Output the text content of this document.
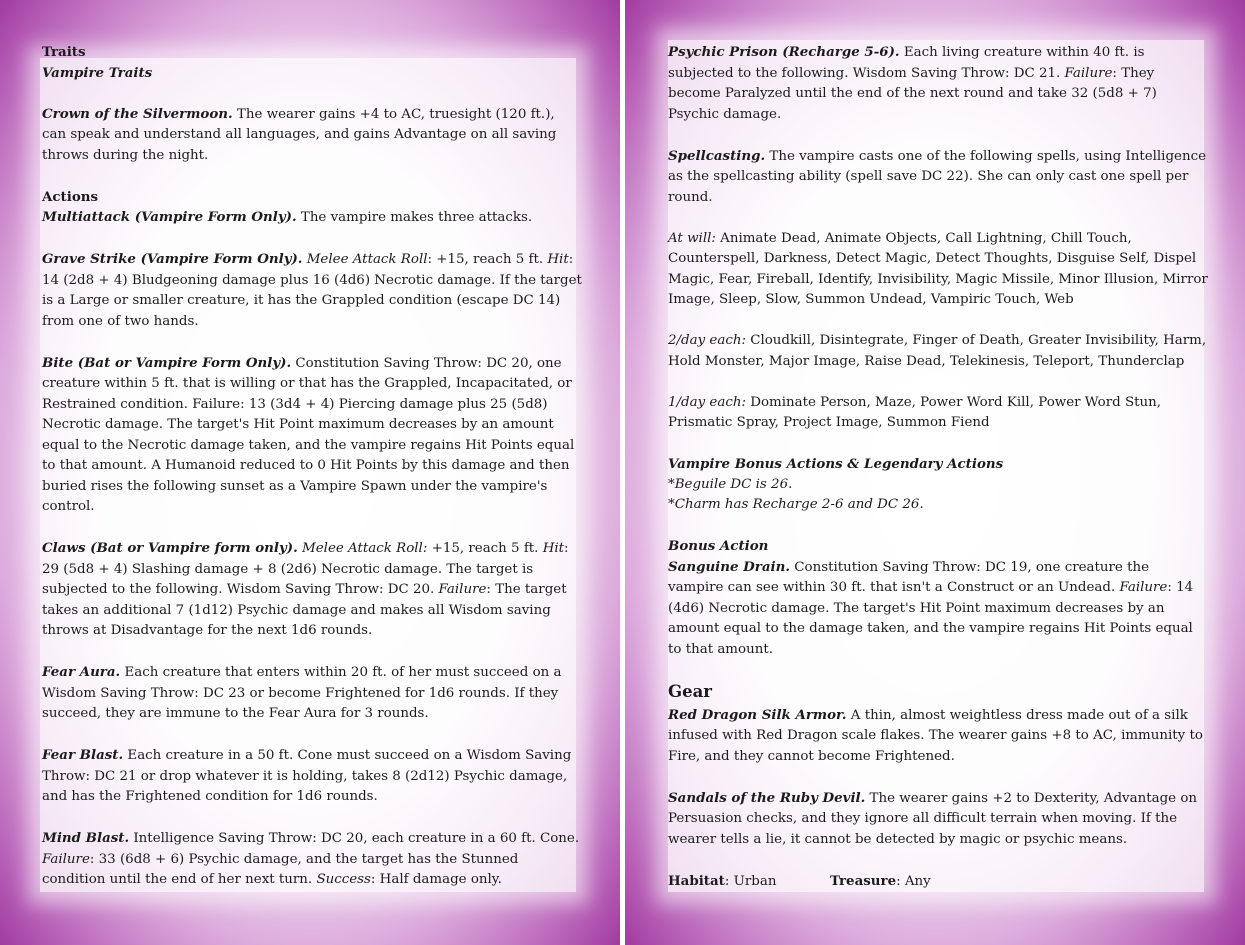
Traits

Vampire Traits

Crown of the Silvermoon. The wearer gains +4 to AC, truesight (120 ft.), can speak and understand all languages, and gains Advantage on all saving throws during the night.

Actions

Multiattack (Vampire Form Only). The vampire makes three attacks.

Grave Strike (Vampire Form Only). Melee Attack Roll: +15, reach 5 ft. Hit: 14 (2d8 + 4) Bludgeoning damage plus 16 (4d6) Necrotic damage. If the target is a Large or smaller creature, it has the Grappled condition (escape DC 14) from one of two hands.

Bite (Bat or Vampire Form Only). Constitution Saving Throw: DC 20, one creature within 5 ft. that is willing or that has the Grappled, Incapacitated, or Restrained condition. Failure: 13 (3d4 + 4) Piercing damage plus 25 (5d8) Necrotic damage. The target's Hit Point maximum decreases by an amount equal to the Necrotic damage taken, and the vampire regains Hit Points equal to that amount. A Humanoid reduced to 0 Hit Points by this damage and then buried rises the following sunset as a Vampire Spawn under the vampire's control.

Claws (Bat or Vampire form only). Melee Attack Roll: +15, reach 5 ft. Hit: 29 (5d8 + 4) Slashing damage + 8 (2d6) Necrotic damage. The target is subjected to the following. Wisdom Saving Throw: DC 20. Failure: The target takes an additional 7 (1d12) Psychic damage and makes all Wisdom saving throws at Disadvantage for the next 1d6 rounds.

Fear Aura. Each creature that enters within 20 ft. of her must succeed on a Wisdom Saving Throw: DC 23 or become Frightened for 1d6 rounds. If they succeed, they are immune to the Fear Aura for 3 rounds.

Fear Blast. Each creature in a 50 ft. Cone must succeed on a Wisdom Saving Throw: DC 21 or drop whatever it is holding, takes 8 (2d12) Psychic damage, and has the Frightened condition for 1d6 rounds.

Mind Blast. Intelligence Saving Throw: DC 20, each creature in a 60 ft. Cone. Failure: 33 (6d8 + 6) Psychic damage, and the target has the Stunned condition until the end of her next turn. Success: Half damage only.

Psychic Prison (Recharge 5-6). Each living creature within 40 ft. is subjected to the following. Wisdom Saving Throw: DC 21. Failure: They become Paralyzed until the end of the next round and take 32 (5d8 + 7) Psychic damage.

Spellcasting. The vampire casts one of the following spells, using Intelligence as the spellcasting ability (spell save DC 22). She can only cast one spell per round.

At will: Animate Dead, Animate Objects, Call Lightning, Chill Touch, Counterspell, Darkness, Detect Magic, Detect Thoughts, Disguise Self, Dispel Magic, Fear, Fireball, Identify, Invisibility, Magic Missile, Minor Illusion, Mirror Image, Sleep, Slow, Summon Undead, Vampiric Touch, Web

2/day each: Cloudkill, Disintegrate, Finger of Death, Greater Invisibility, Harm, Hold Monster, Major Image, Raise Dead, Telekinesis, Teleport, Thunderclap

1/day each: Dominate Person, Maze, Power Word Kill, Power Word Stun, Prismatic Spray, Project Image, Summon Fiend

Vampire Bonus Actions & Legendary Actions

*Beguile DC is 26.

*Charm has Recharge 2-6 and DC 26.

Bonus Action

Sanguine Drain. Constitution Saving Throw: DC 19, one creature the vampire can see within 30 ft. that isn't a Construct or an Undead. Failure: 14 (4d6) Necrotic damage. The target's Hit Point maximum decreases by an amount equal to the damage taken, and the vampire regains Hit Points equal to that amount.

Gear

Red Dragon Silk Armor. A thin, almost weightless dress made out of a silk infused with Red Dragon scale flakes. The wearer gains +8 to AC, immunity to Fire, and they cannot become Frightened.

Sandals of the Ruby Devil. The wearer gains +2 to Dexterity, Advantage on Persuasion checks, and they ignore all difficult terrain when moving. If the wearer tells a lie, it cannot be detected by magic or psychic means.

Habitat: Urban	Treasure: Any
